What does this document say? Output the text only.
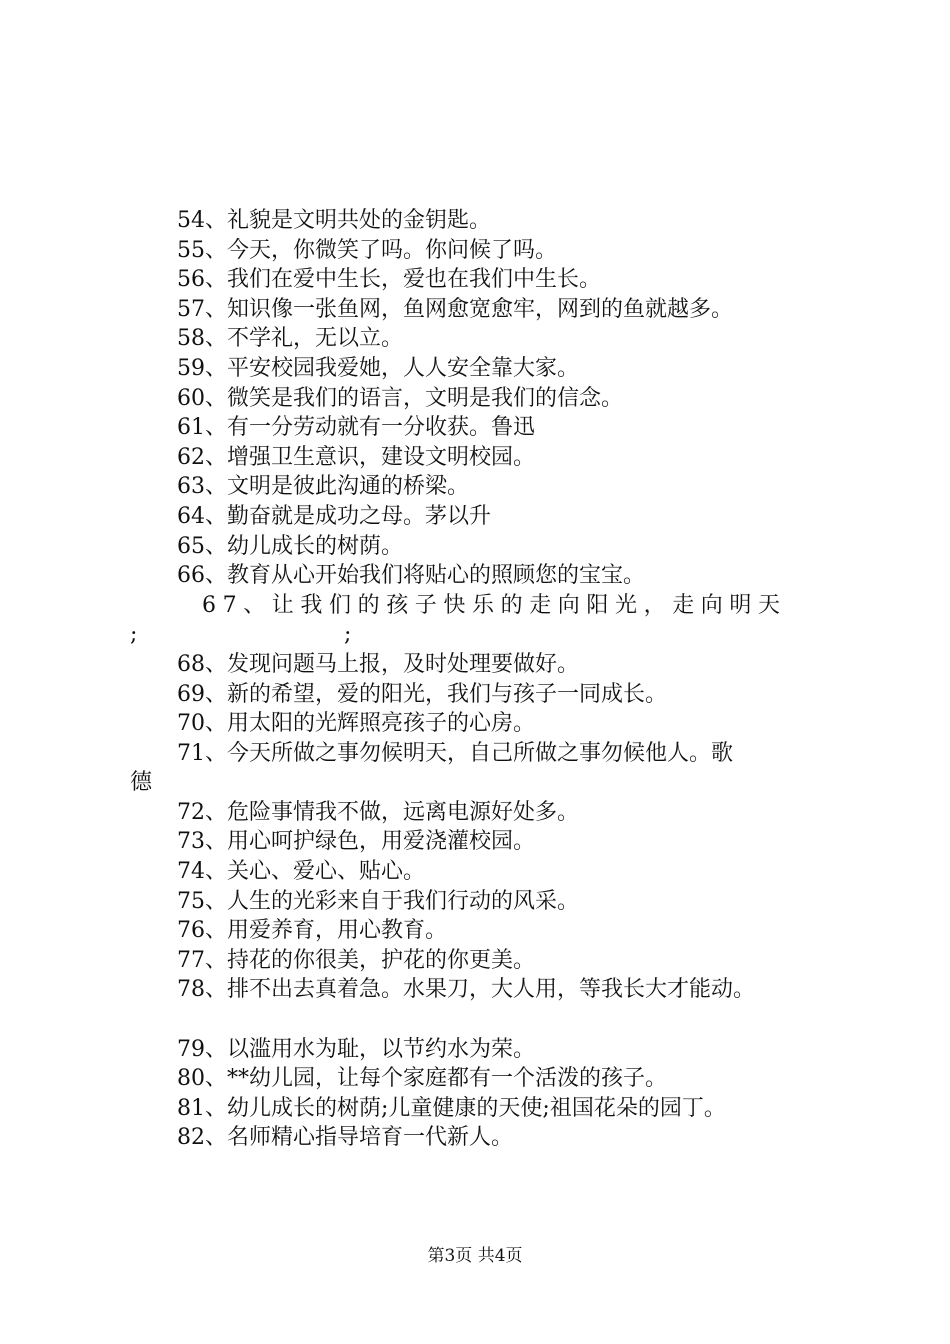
54、礼貌是文明共处的金钥匙。
55、今天，你微笑了吗。你问候了吗。
56、我们在爱中生长，爱也在我们中生长。
57、知识像一张鱼网，鱼网愈宽愈牢，网到的鱼就越多。
58、不学礼，无以立。
59、平安校园我爱她，人人安全靠大家。
60、微笑是我们的语言，文明是我们的信念。
61、有一分劳动就有一分收获。鲁迅
62、增强卫生意识，建设文明校园。
63、文明是彼此沟通的桥梁。
64、勤奋就是成功之母。茅以升
65、幼儿成长的树荫。
66、教育从心开始我们将贴心的照顾您的宝宝。
67、让我们的孩子快乐的走向阳光，走向明天
;	;
68、发现问题马上报，及时处理要做好。
69、新的希望，爱的阳光，我们与孩子一同成长。
70、用太阳的光辉照亮孩子的心房。
71、今天所做之事勿候明天，自己所做之事勿候他人。歌
德
72、危险事情我不做，远离电源好处多。
73、用心呵护绿色，用爱浇灌校园。
74、关心、爱心、贴心。
75、人生的光彩来自于我们行动的风采。
76、用爱养育，用心教育。
77、持花的你很美，护花的你更美。
78、排不出去真着急。水果刀，大人用，等我长大才能动。
79、以滥用水为耻，以节约水为荣。
80、**幼儿园，让每个家庭都有一个活泼的孩子。
81、幼儿成长的树荫;儿童健康的天使;祖国花朵的园丁。
82、名师精心指导培育一代新人。
第3页 共4页
